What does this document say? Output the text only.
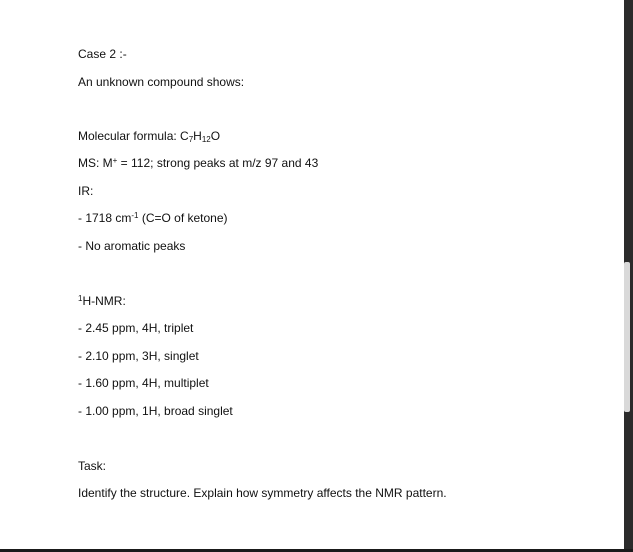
Case 2 :-
An unknown compound shows:
Molecular formula: $C_7H_{12}O$
MS: M+ = 112; strong peaks at m/z 97 and 43
IR:
- 1718 $cm^{-1}$ (C=O of ketone)
- No aromatic peaks
$^1$H-NMR:
- 2.45 ppm, 4H, triplet
- 2.10 ppm, 3H, singlet
- 1.60 ppm, 4H, multiplet
- 1.00 ppm, 1H, broad singlet
Task:
Identify the structure. Explain how symmetry affects the NMR pattern.
